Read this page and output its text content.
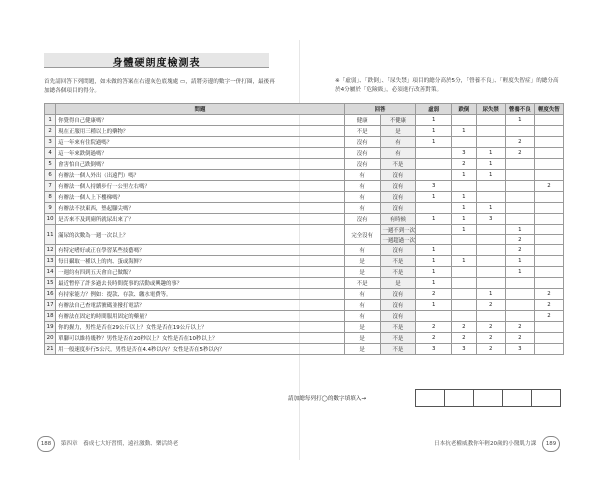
身體硬朗度檢測表
首先請回答下列問題，如未做的答案在右邊灰色底塊處 ▭，請將旁邊的數字一併打圈，最後再加總各個項目的得分。
※「虛弱」、「跌倒」、「尿失禁」項目的總分高於5分，「營養不良」、「輕度失智症」的總分高於4分屬於「危險級」，必須進行改善對策。
	問題	回答		虛弱	跌倒	尿失禁	營養不良	輕度失智
1	你覺得自己健康嗎？	健康	不健康	1			1	
2	現在正服用三種以上的藥物？	不是	是	1	1			
3	這一年來有住院過嗎？	沒有	有	1			2	
4	這一年來跌倒過嗎？	沒有	有		3	1	2	
5	會害怕自己跌倒嗎？	沒有	不是		2	1		
6	有辦法一個人外出（出遠門）嗎？	有	沒有		1	1		
7	有辦法一個人持續步行一公里左右嗎？	有	沒有	3				2
8	有辦法一個人上下樓梯嗎？	有	沒有	1	1			
9	有辦法不扶東西，墊起腳尖嗎？	有	沒有		1	1		
10	是否來不及到廁所就尿出來了？	沒有	有時候	1	1	3		
11	滿尿的次數為一週一次以上？	完全沒有	一週不到一次		1		1	
			一週超過一次				2	
12	有特定嗜好或正在學習某些技藝嗎？	有	沒有	1			2	
13	每日攝取一種以上的肉、蛋或海鮮？	是	不是	1	1		1	
14	一週約有四到五天會自己做飯？	是	不是	1			1	
15	最近暫停了許多過去長時間從事的活動或興趣的事？	不是	是	1				
16	有持家能力？例如：提款、存款、繳水電費等。	有	沒有	2		1		2
17	有辦法自己查電話號碼並撥打電話？	有	沒有	1		2		2
18	有辦法在固定的時間服用固定的藥量？	有	沒有					2
19	你的握力，男性是否在29公斤以上？女性是否在19公斤以上？	是	不是	2	2	2	2	
20	單腳可以維持幾秒？男性是否在20秒以上？女性是否在10秒以上？	是	不是	2	2	2	2	
21	用一般速度步行5公尺，男性是否在4.4秒以內？女性是否在5秒以內？	是	不是	3	3	2	3	
請加總每列打◯的數字填填入→

188 第四章　養成七大好習慣，遠社激動、樂活終老	日本抗老權威教你年輕20歲的小醫肌力課 189
